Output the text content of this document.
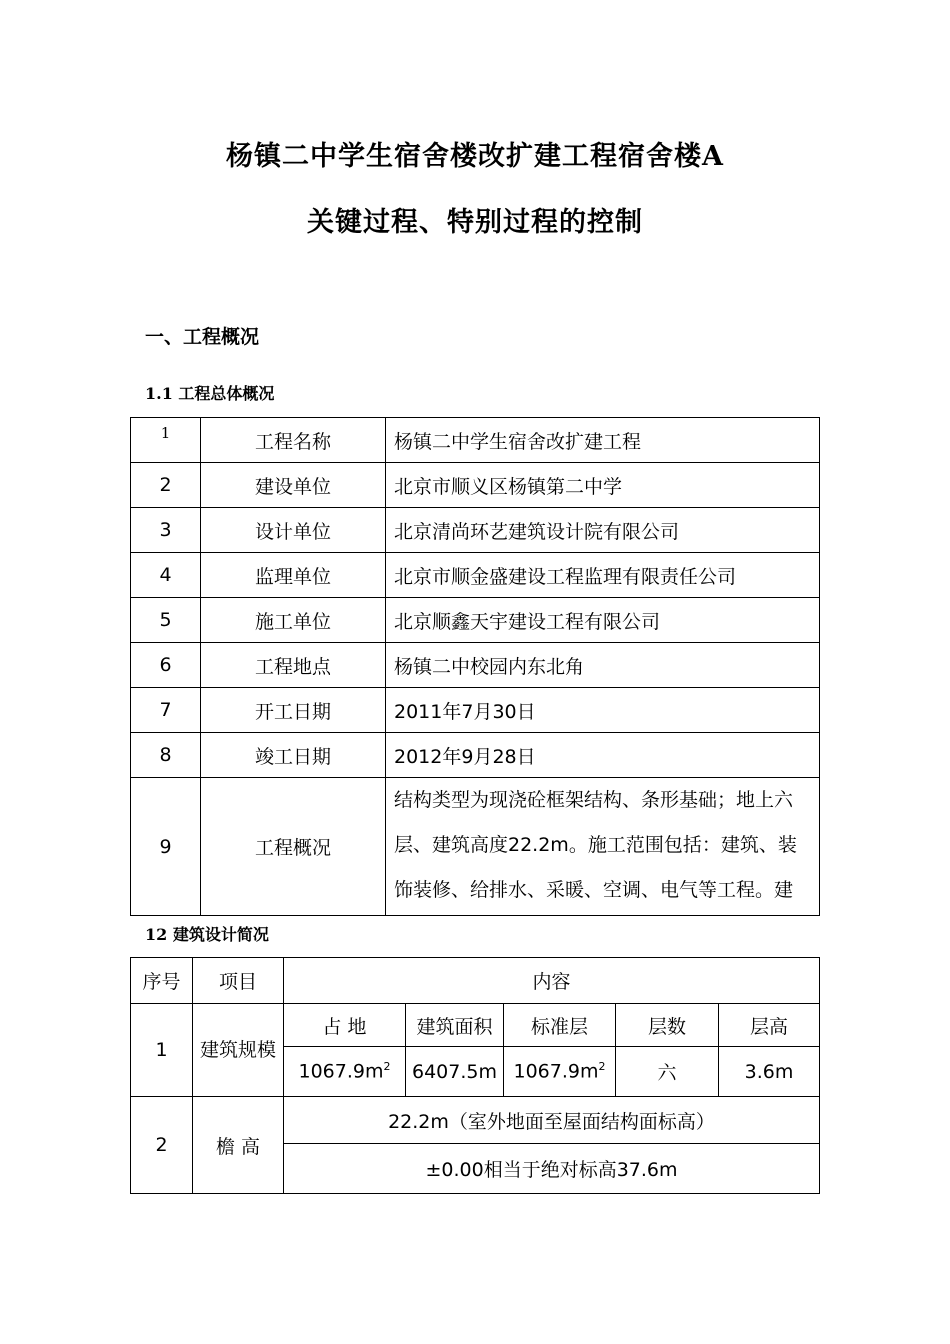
杨镇二中学生宿舍楼改扩建工程宿舍楼A
关键过程、特别过程的控制
一、工程概况
1.1 工程总体概况
1	工程名称	杨镇二中学生宿舍改扩建工程
2	建设单位	北京市顺义区杨镇第二中学
3	设计单位	北京清尚环艺建筑设计院有限公司
4	监理单位	北京市顺金盛建设工程监理有限责任公司
5	施工单位	北京顺鑫天宇建设工程有限公司
6	工程地点	杨镇二中校园内东北角
7	开工日期	2011年7月30日
8	竣工日期	2012年9月28日
9	工程概况	结构类型为现浇砼框架结构、条形基础；地上六层、建筑高度22.2m。施工范围包括：建筑、装饰装修、给排水、采暖、空调、电气等工程。建
12 建筑设计简况
序号	项目	内容				
1	建筑规模	占 地	建筑面积	标准层	层数	层高
		$1067.9m^2$	6407.5m	$1067.9m^2$	六	3.6m
2	檐 高	22.2m（室外地面至屋面结构面标高）				
		±0.00相当于绝对标高37.6m				
